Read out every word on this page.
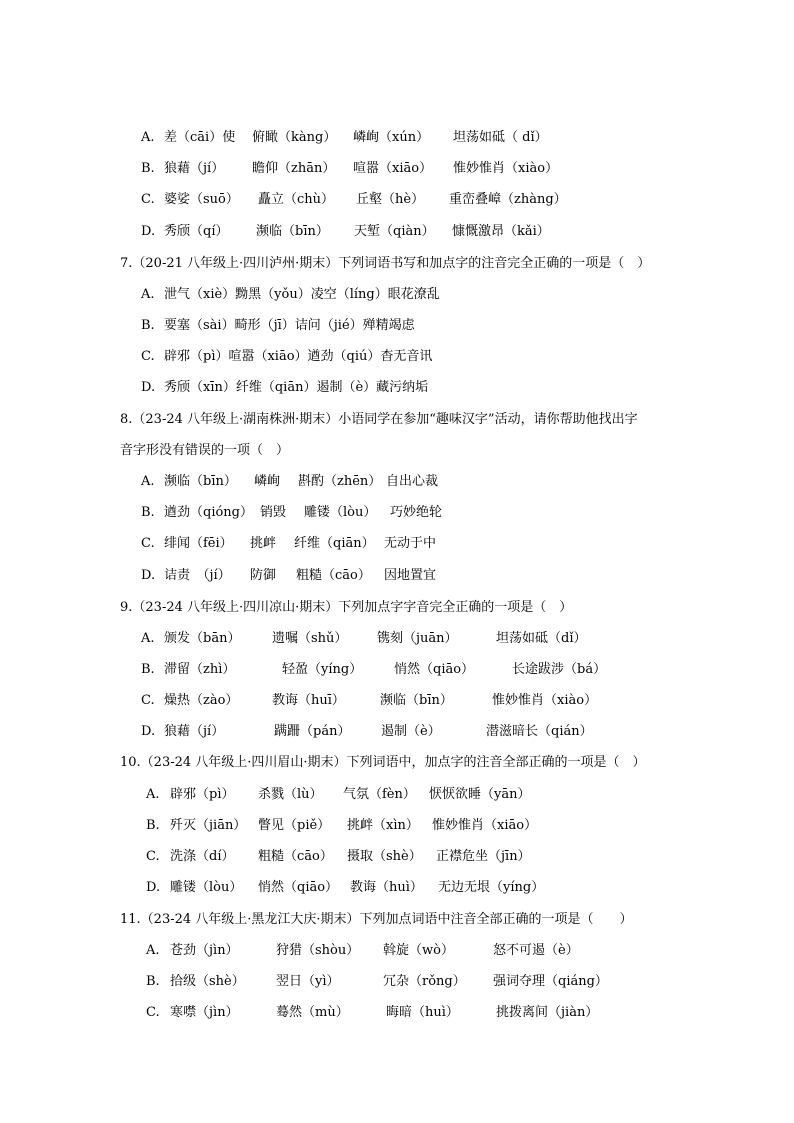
A. 差（cāi）使 俯瞰（kàng） 嶙峋（xún） 坦荡如砥（ dǐ）
B. 狼藉（jí） 瞻仰（zhān） 喧嚣（xiāo） 惟妙惟肖（xiào）
C. 婆娑（suō） 矗立（chù） 丘壑（hè） 重峦叠嶂（zhàng）
D. 秀颀（qí） 濒临（bīn） 天堑（qiàn） 慷慨激昂（kǎi）
7.（20-21 八年级上·四川泸州·期末）下列词语书写和加点字的注音完全正确的一项是（　）
A. 泄气（xiè）黝黑（yǒu）凌空（líng）眼花潦乱
B. 要塞（sài）畸形（jī）诘问（jié）殚精竭虑
C. 辟邪（pì）喧嚣（xiāo）遒劲（qiú）杳无音讯
D. 秀颀（xīn）纤维（qiān）遏制（è）藏污纳垢
8.（23-24 八年级上·湖南株洲·期末）小语同学在参加“趣味汉字”活动，请你帮助他找出字
音字形没有错误的一项（　）
A. 濒临（bīn） 嶙峋 斟酌（zhēn） 自出心裁
B. 遒劲（qióng） 销毁 雕镂（lòu） 巧妙绝轮
C. 绯闻（fēi） 挑衅 纤维（qiān） 无动于中
D. 诘责　（jí） 防御 粗糙（cāo） 因地置宜
9.（23-24 八年级上·四川凉山·期末）下列加点字字音完全正确的一项是（　）
A. 颁发（bān） 遗嘱（shǔ） 镌刻（juān）	坦荡如砥（dǐ）
B. 滞留（zhì）	轻盈（yíng） 悄然（qiāo）	长途跋涉（bá）
C. 燥热（zào）	教诲（huī）	濒临（bīn）	惟妙惟肖（xiào）
D. 狼藉（jí）	蹒跚（pán） 遏制（è）	潜滋暗长（qián）
10.（23-24 八年级上·四川眉山·期末）下列词语中，加点字的注音全部正确的一项是（　）
A. 辟邪（pì） 杀戮（lù） 气氛（fèn） 恹恹欲睡（yān）
B. 歼灭（jiān） 瞥见（piě） 挑衅（xìn） 惟妙惟肖（xiāo）
C. 洗涤（dí） 粗糙（cāo） 摄取（shè） 正襟危坐（jīn）
D. 雕镂（lòu） 悄然（qiāo） 教诲（huì） 无边无垠（yíng）
11.（23-24 八年级上·黑龙江大庆·期末）下列加点词语中注音全部正确的一项是（　　）
A. 苍劲（jìn）	狩猎（shòu） 斡旋（wò）	怒不可遏（è）
B. 拾级（shè） 翌日（yì）	冗杂（rǒng） 强词夺理（qiáng）
C. 寒噤（jìn）	蓦然（mù）	晦暗（huì）	挑拨离间（jiàn）
